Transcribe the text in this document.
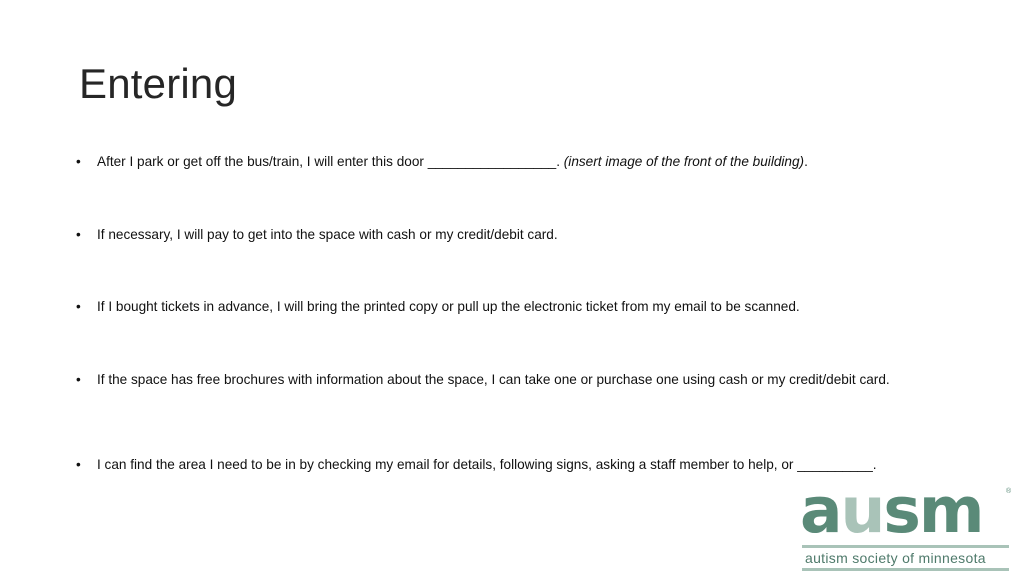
Entering
•	After I park or get off the bus/train, I will enter this door _________________. (insert image of the front of the building).
•	If necessary, I will pay to get into the space with cash or my credit/debit card.
•	If I bought tickets in advance, I will bring the printed copy or pull up the electronic ticket from my email to be scanned.
•	If the space has free brochures with information about the space, I can take one or purchase one using cash or my credit/debit card.
•	I can find the area I need to be in by checking my email for details, following signs, asking a staff member to help, or __________.
ausm	®
autism society of minnesota
